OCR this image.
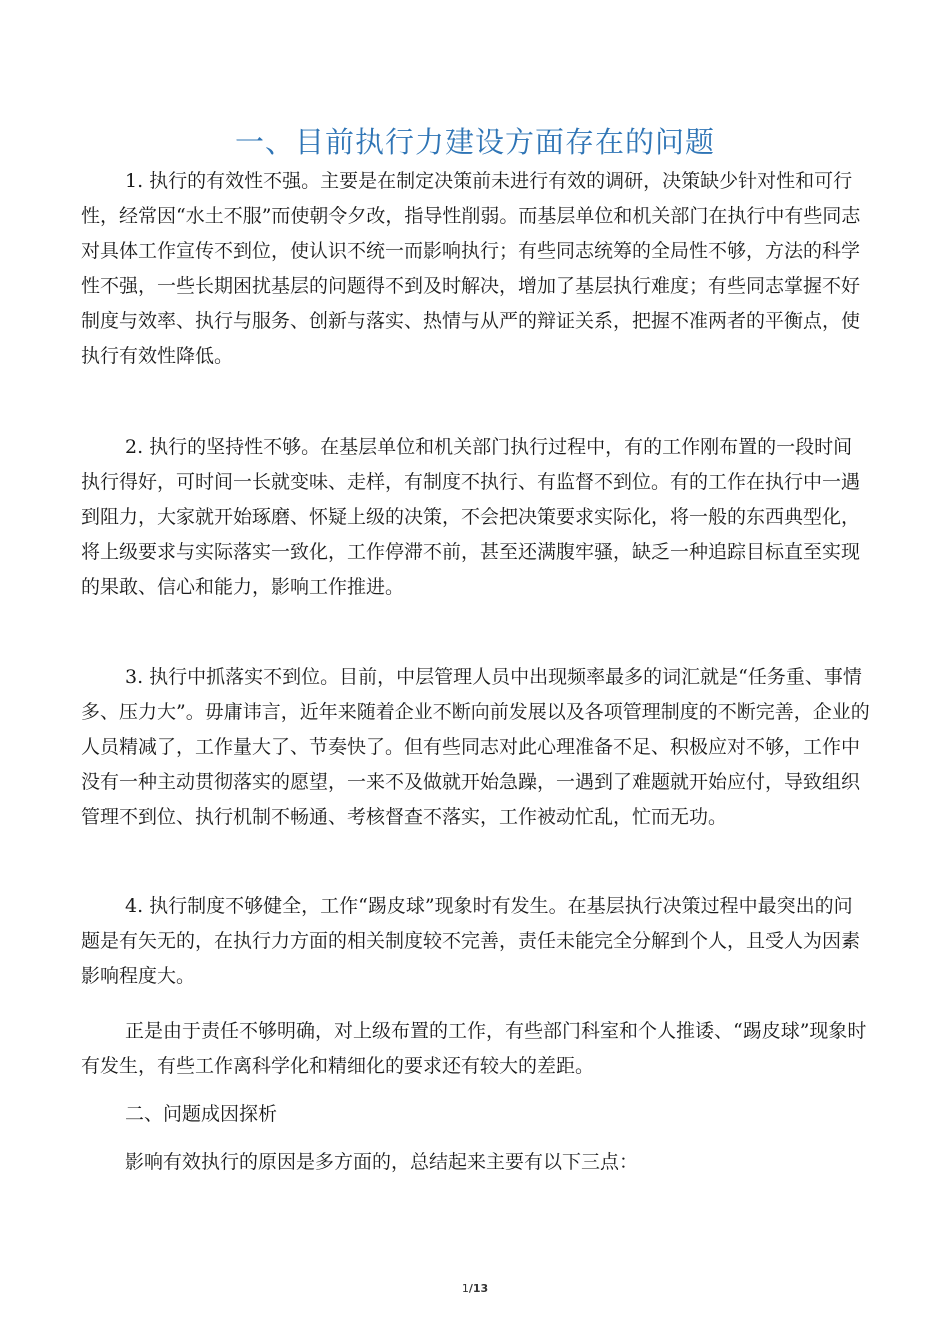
一、目前执行力建设方面存在的问题

1. 执行的有效性不强。主要是在制定决策前未进行有效的调研，决策缺少针对性和可行性，经常因“水土不服”而使朝令夕改，指导性削弱。而基层单位和机关部门在执行中有些同志对具体工作宣传不到位，使认识不统一而影响执行；有些同志统筹的全局性不够，方法的科学性不强，一些长期困扰基层的问题得不到及时解决，增加了基层执行难度；有些同志掌握不好制度与效率、执行与服务、创新与落实、热情与从严的辩证关系，把握不准两者的平衡点，使执行有效性降低。

2. 执行的坚持性不够。在基层单位和机关部门执行过程中，有的工作刚布置的一段时间执行得好，可时间一长就变味、走样，有制度不执行、有监督不到位。有的工作在执行中一遇到阻力，大家就开始琢磨、怀疑上级的决策，不会把决策要求实际化，将一般的东西典型化，将上级要求与实际落实一致化，工作停滞不前，甚至还满腹牢骚，缺乏一种追踪目标直至实现的果敢、信心和能力，影响工作推进。

3. 执行中抓落实不到位。目前，中层管理人员中出现频率最多的词汇就是“任务重、事情多、压力大”。毋庸讳言，近年来随着企业不断向前发展以及各项管理制度的不断完善，企业的人员精减了，工作量大了、节奏快了。但有些同志对此心理准备不足、积极应对不够，工作中没有一种主动贯彻落实的愿望，一来不及做就开始急躁，一遇到了难题就开始应付，导致组织管理不到位、执行机制不畅通、考核督查不落实，工作被动忙乱，忙而无功。

4. 执行制度不够健全，工作“踢皮球”现象时有发生。在基层执行决策过程中最突出的问题是有矢无的，在执行力方面的相关制度较不完善，责任未能完全分解到个人，且受人为因素影响程度大。

正是由于责任不够明确，对上级布置的工作，有些部门科室和个人推诿、“踢皮球”现象时有发生，有些工作离科学化和精细化的要求还有较大的差距。

二、问题成因探析

影响有效执行的原因是多方面的，总结起来主要有以下三点：

1/13
